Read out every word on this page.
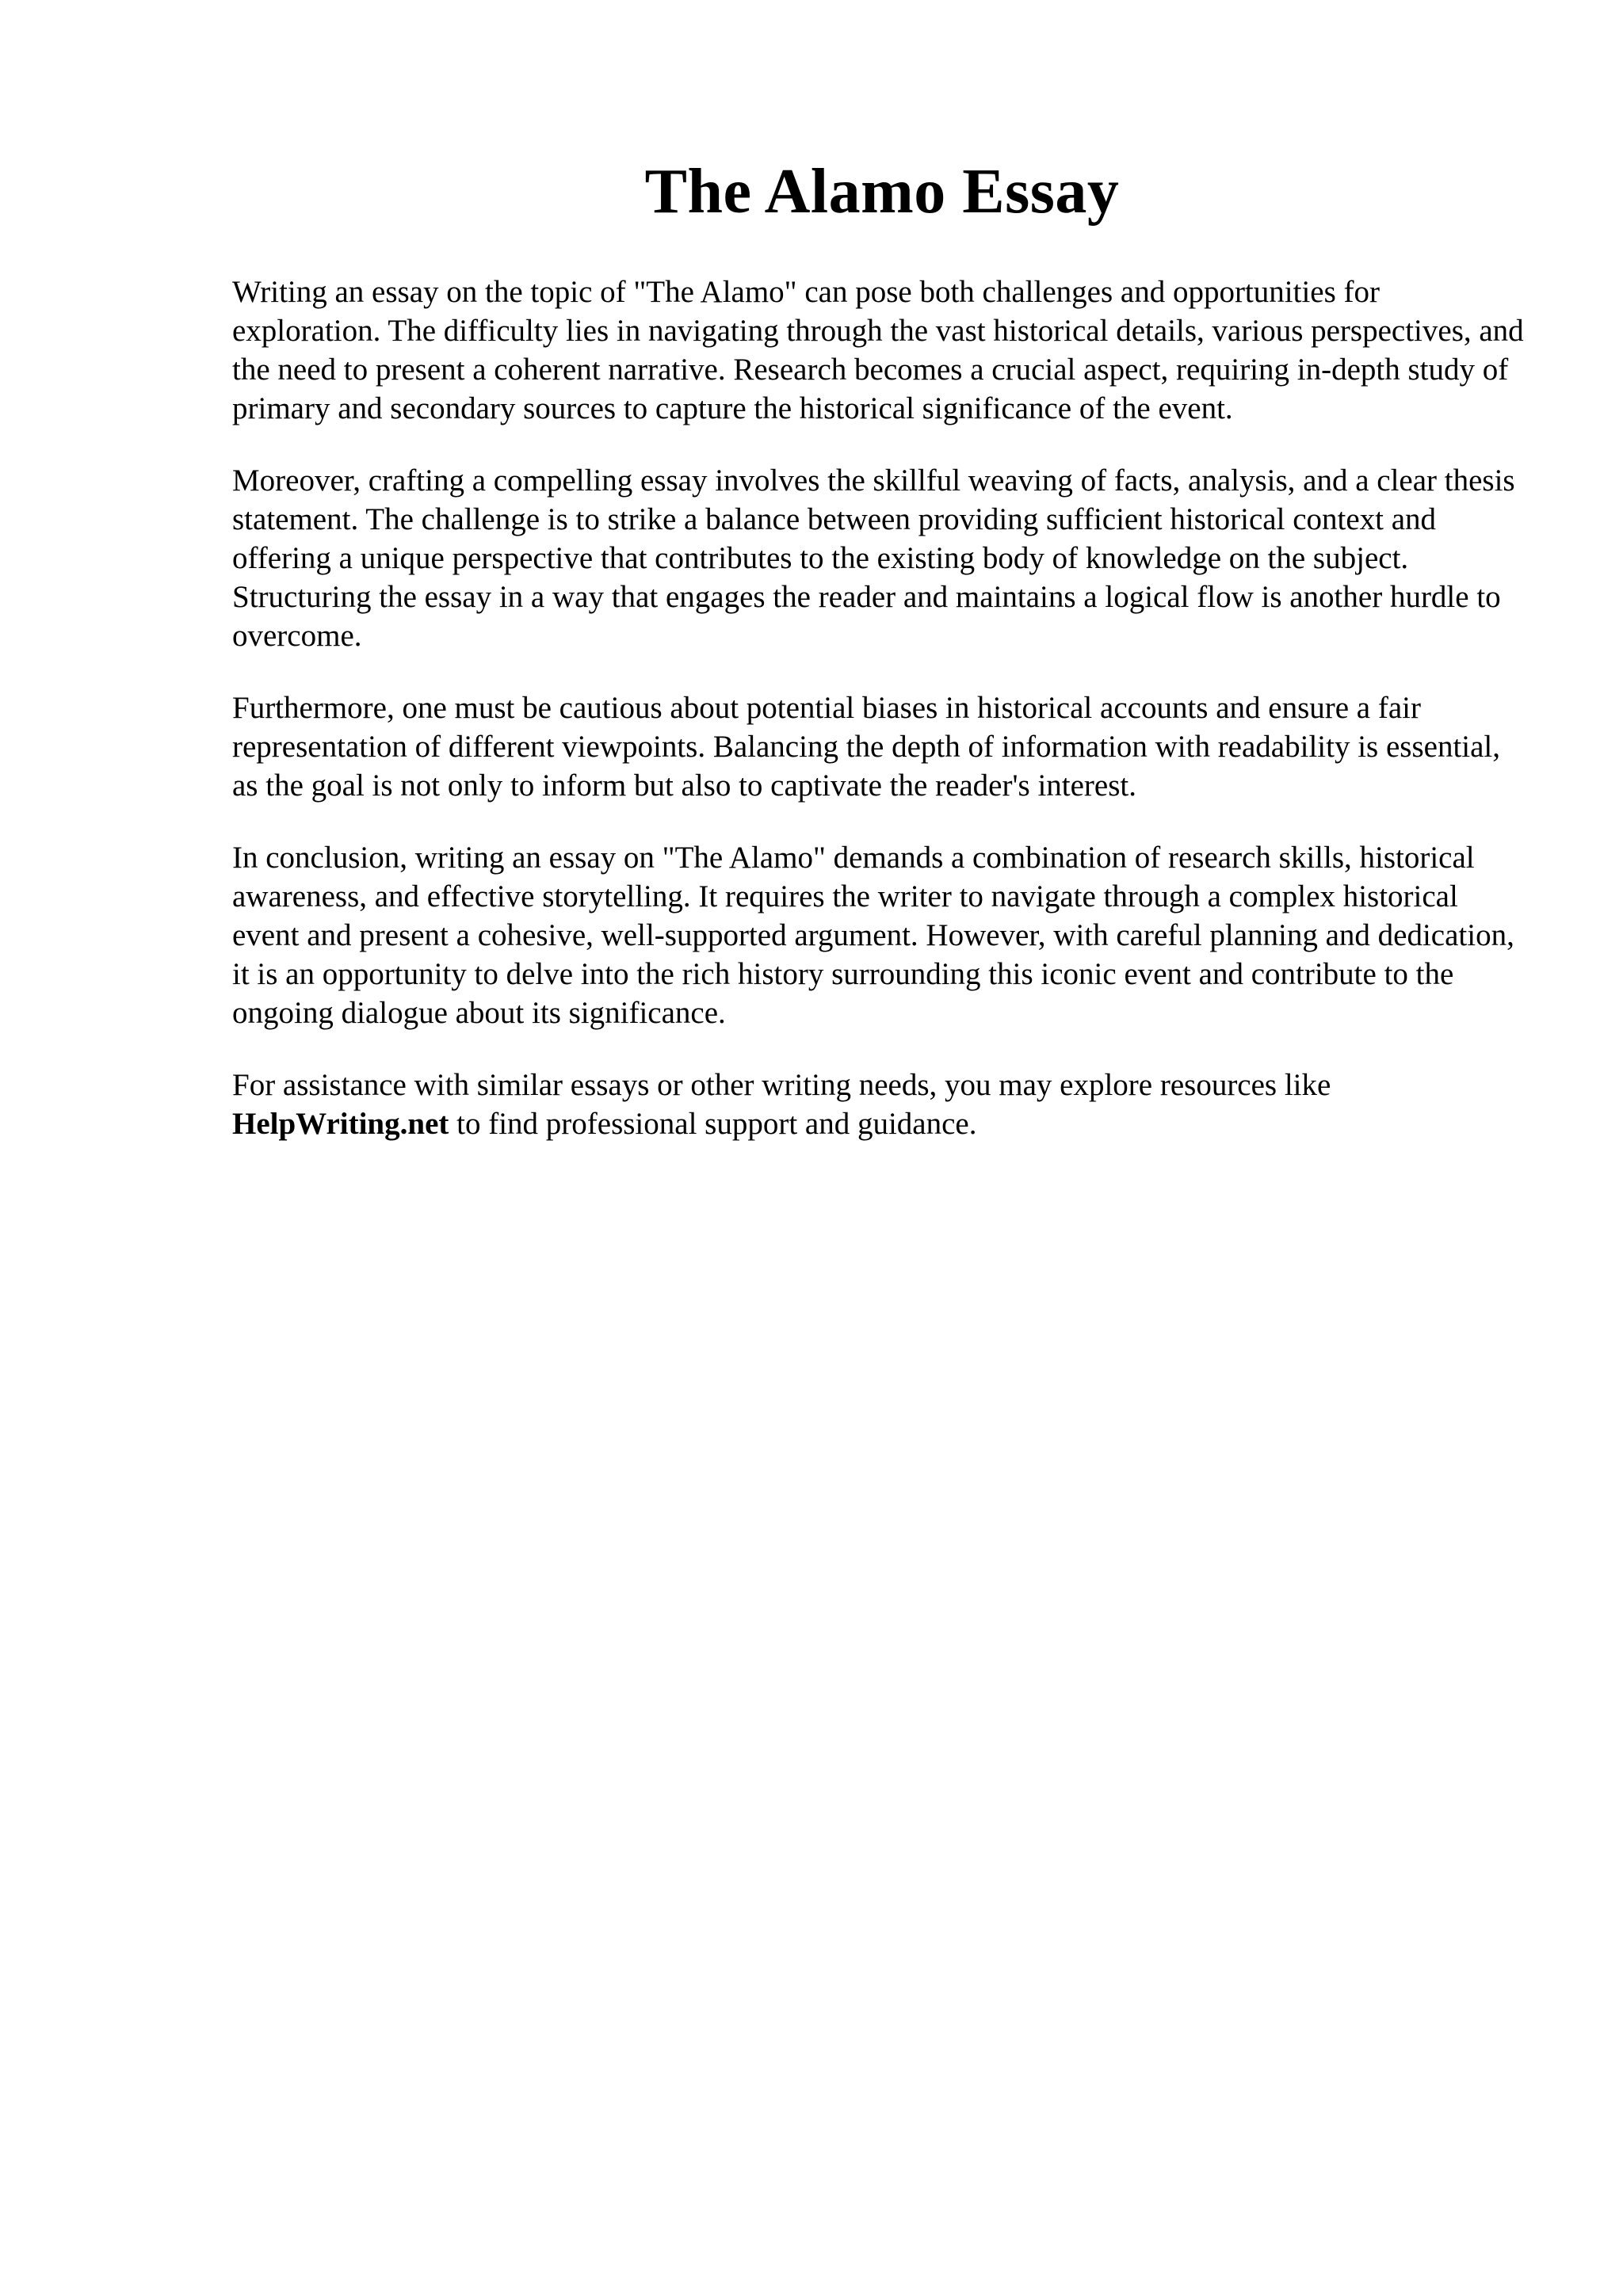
The Alamo Essay

Writing an essay on the topic of "The Alamo" can pose both challenges and opportunities for exploration. The difficulty lies in navigating through the vast historical details, various perspectives, and the need to present a coherent narrative. Research becomes a crucial aspect, requiring in-depth study of primary and secondary sources to capture the historical significance of the event.

Moreover, crafting a compelling essay involves the skillful weaving of facts, analysis, and a clear thesis statement. The challenge is to strike a balance between providing sufficient historical context and offering a unique perspective that contributes to the existing body of knowledge on the subject. Structuring the essay in a way that engages the reader and maintains a logical flow is another hurdle to overcome.

Furthermore, one must be cautious about potential biases in historical accounts and ensure a fair representation of different viewpoints. Balancing the depth of information with readability is essential, as the goal is not only to inform but also to captivate the reader's interest.

In conclusion, writing an essay on "The Alamo" demands a combination of research skills, historical awareness, and effective storytelling. It requires the writer to navigate through a complex historical event and present a cohesive, well-supported argument. However, with careful planning and dedication, it is an opportunity to delve into the rich history surrounding this iconic event and contribute to the ongoing dialogue about its significance.

For assistance with similar essays or other writing needs, you may explore resources like HelpWriting.net to find professional support and guidance.
